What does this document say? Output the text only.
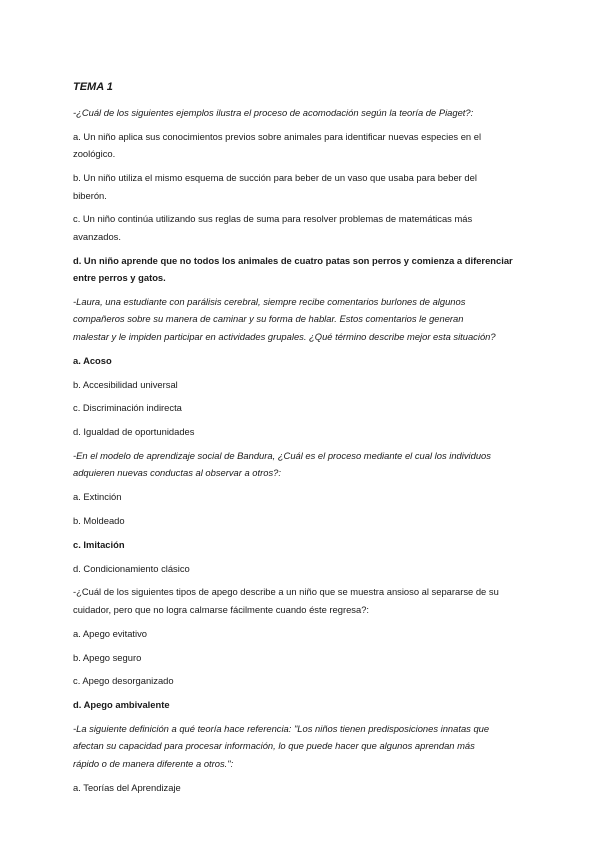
TEMA 1
-¿Cuál de los siguientes ejemplos ilustra el proceso de acomodación según la teoría de Piaget?:
a. Un niño aplica sus conocimientos previos sobre animales para identificar nuevas especies en el
zoológico.
b. Un niño utiliza el mismo esquema de succión para beber de un vaso que usaba para beber del
biberón.
c. Un niño continúa utilizando sus reglas de suma para resolver problemas de matemáticas más
avanzados.
d. Un niño aprende que no todos los animales de cuatro patas son perros y comienza a diferenciar
entre perros y gatos.
-Laura, una estudiante con parálisis cerebral, siempre recibe comentarios burlones de algunos
compañeros sobre su manera de caminar y su forma de hablar. Estos comentarios le generan
malestar y le impiden participar en actividades grupales. ¿Qué término describe mejor esta situación?
a. Acoso
b. Accesibilidad universal
c. Discriminación indirecta
d. Igualdad de oportunidades
-En el modelo de aprendizaje social de Bandura, ¿Cuál es el proceso mediante el cual los individuos
adquieren nuevas conductas al observar a otros?:
a. Extinción
b. Moldeado
c. Imitación
d. Condicionamiento clásico
-¿Cuál de los siguientes tipos de apego describe a un niño que se muestra ansioso al separarse de su
cuidador, pero que no logra calmarse fácilmente cuando éste regresa?:
a. Apego evitativo
b. Apego seguro
c. Apego desorganizado
d. Apego ambivalente
-La siguiente definición a qué teoría hace referencia: "Los niños tienen predisposiciones innatas que
afectan su capacidad para procesar información, lo que puede hacer que algunos aprendan más
rápido o de manera diferente a otros.":
a. Teorías del Aprendizaje
